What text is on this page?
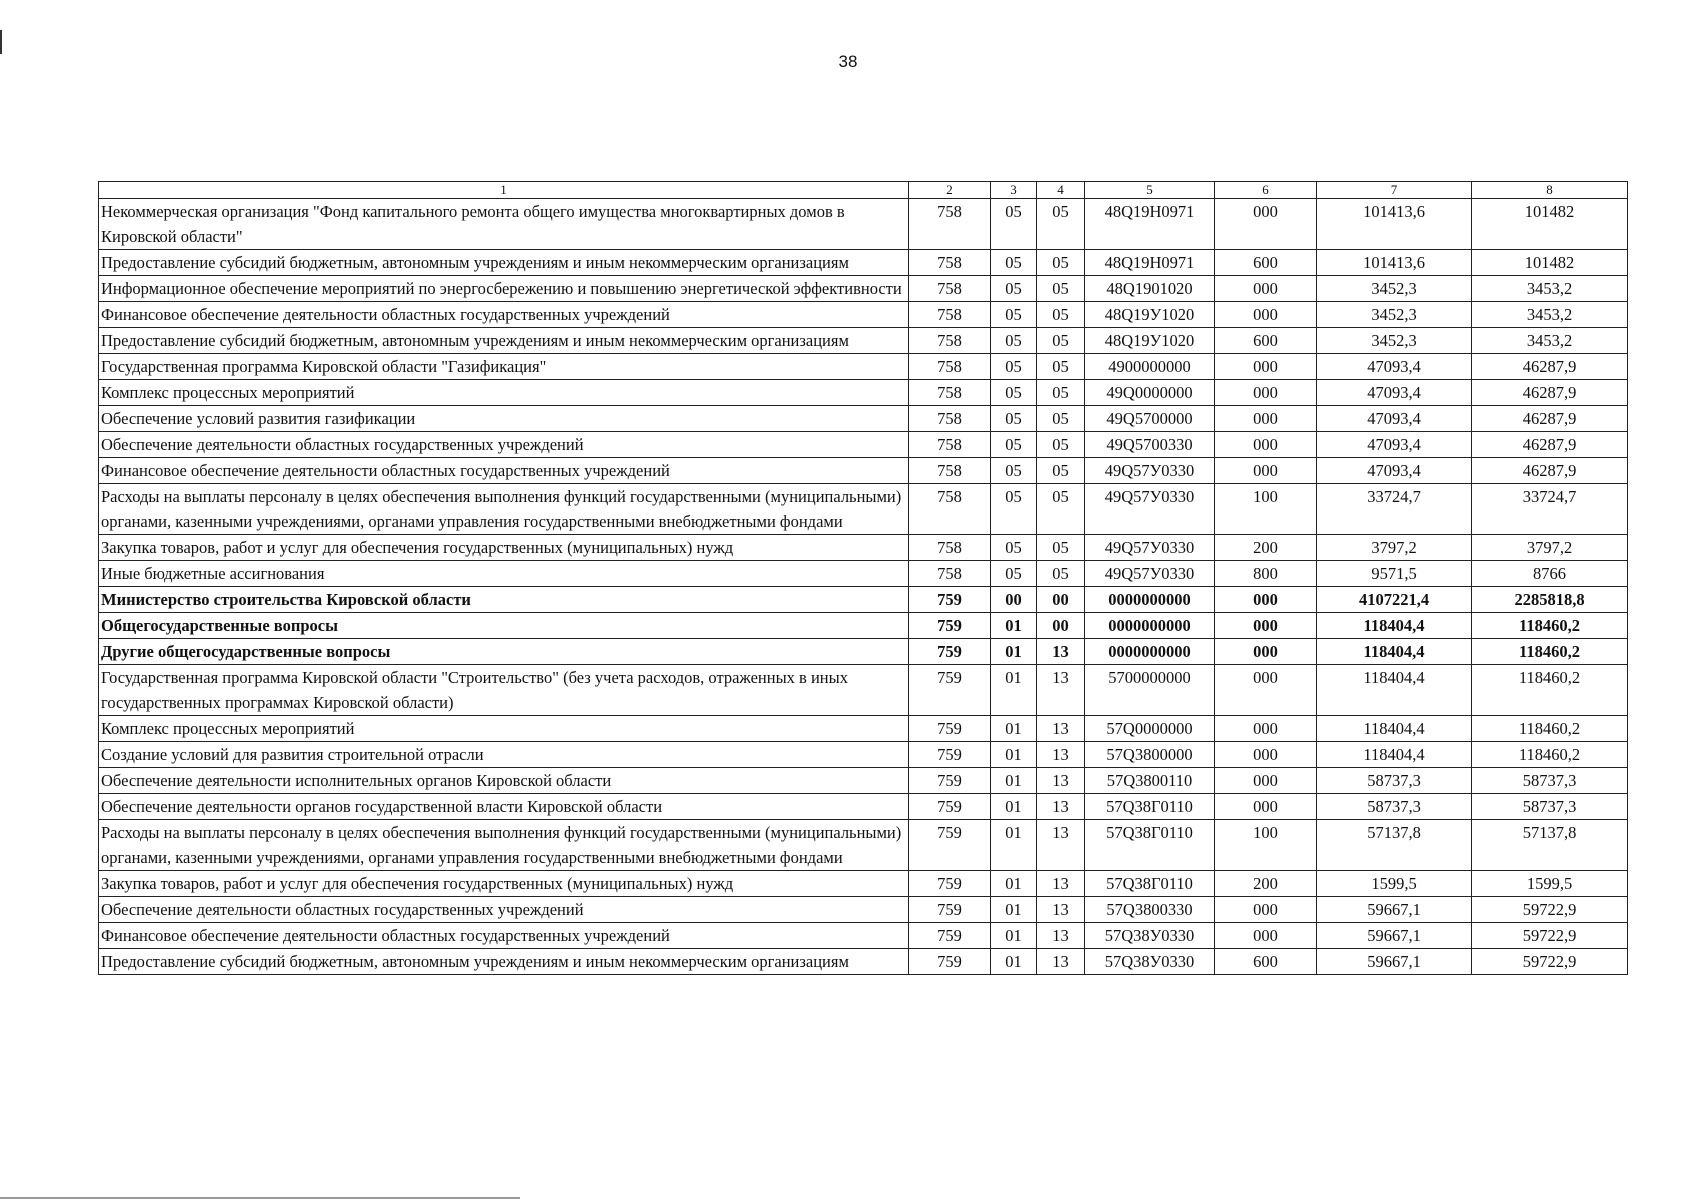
38
1	2	3	4	5	6	7	8
Некоммерческая организация "Фонд капитального ремонта общего имущества многоквартирных домов в Кировской области"	758	05	05	48Q19H0971	000	101413,6	101482
Предоставление субсидий бюджетным, автономным учреждениям и иным некоммерческим организациям	758	05	05	48Q19H0971	600	101413,6	101482
Информационное обеспечение мероприятий по энергосбережению и повышению энергетической эффективности	758	05	05	48Q1901020	000	3452,3	3453,2
Финансовое обеспечение деятельности областных государственных учреждений	758	05	05	48Q19У1020	000	3452,3	3453,2
Предоставление субсидий бюджетным, автономным учреждениям и иным некоммерческим организациям	758	05	05	48Q19У1020	600	3452,3	3453,2
Государственная программа Кировской области "Газификация"	758	05	05	4900000000	000	47093,4	46287,9
Комплекс процессных мероприятий	758	05	05	49Q0000000	000	47093,4	46287,9
Обеспечение условий развития газификации	758	05	05	49Q5700000	000	47093,4	46287,9
Обеспечение деятельности областных государственных учреждений	758	05	05	49Q5700330	000	47093,4	46287,9
Финансовое обеспечение деятельности областных государственных учреждений	758	05	05	49Q57У0330	000	47093,4	46287,9
Расходы на выплаты персоналу в целях обеспечения выполнения функций государственными (муниципальными) органами, казенными учреждениями, органами управления государственными внебюджетными фондами	758	05	05	49Q57У0330	100	33724,7	33724,7
Закупка товаров, работ и услуг для обеспечения государственных (муниципальных) нужд	758	05	05	49Q57У0330	200	3797,2	3797,2
Иные бюджетные ассигнования	758	05	05	49Q57У0330	800	9571,5	8766
Министерство строительства Кировской области	759	00	00	0000000000	000	4107221,4	2285818,8
Общегосударственные вопросы	759	01	00	0000000000	000	118404,4	118460,2
Другие общегосударственные вопросы	759	01	13	0000000000	000	118404,4	118460,2
Государственная программа Кировской области "Строительство" (без учета расходов, отраженных в иных государственных программах Кировской области)	759	01	13	5700000000	000	118404,4	118460,2
Комплекс процессных мероприятий	759	01	13	57Q0000000	000	118404,4	118460,2
Создание условий для развития строительной отрасли	759	01	13	57Q3800000	000	118404,4	118460,2
Обеспечение деятельности исполнительных органов Кировской области	759	01	13	57Q3800110	000	58737,3	58737,3
Обеспечение деятельности органов государственной власти Кировской области	759	01	13	57Q38Г0110	000	58737,3	58737,3
Расходы на выплаты персоналу в целях обеспечения выполнения функций государственными (муниципальными) органами, казенными учреждениями, органами управления государственными внебюджетными фондами	759	01	13	57Q38Г0110	100	57137,8	57137,8
Закупка товаров, работ и услуг для обеспечения государственных (муниципальных) нужд	759	01	13	57Q38Г0110	200	1599,5	1599,5
Обеспечение деятельности областных государственных учреждений	759	01	13	57Q3800330	000	59667,1	59722,9
Финансовое обеспечение деятельности областных государственных учреждений	759	01	13	57Q38У0330	000	59667,1	59722,9
Предоставление субсидий бюджетным, автономным учреждениям и иным некоммерческим организациям	759	01	13	57Q38У0330	600	59667,1	59722,9
